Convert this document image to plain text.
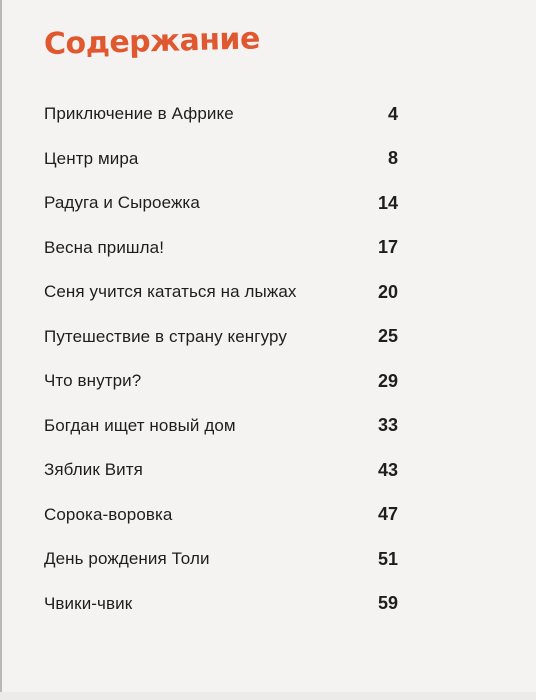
Содержание
Приключение в Африке	4
Центр мира	8
Радуга и Сыроежка	14
Весна пришла!	17
Сеня учится кататься на лыжах	20
Путешествие в страну кенгуру	25
Что внутри?	29
Богдан ищет новый дом	33
Зяблик Витя	43
Сорока-воровка	47
День рождения Толи	51
Чвики-чвик	59
